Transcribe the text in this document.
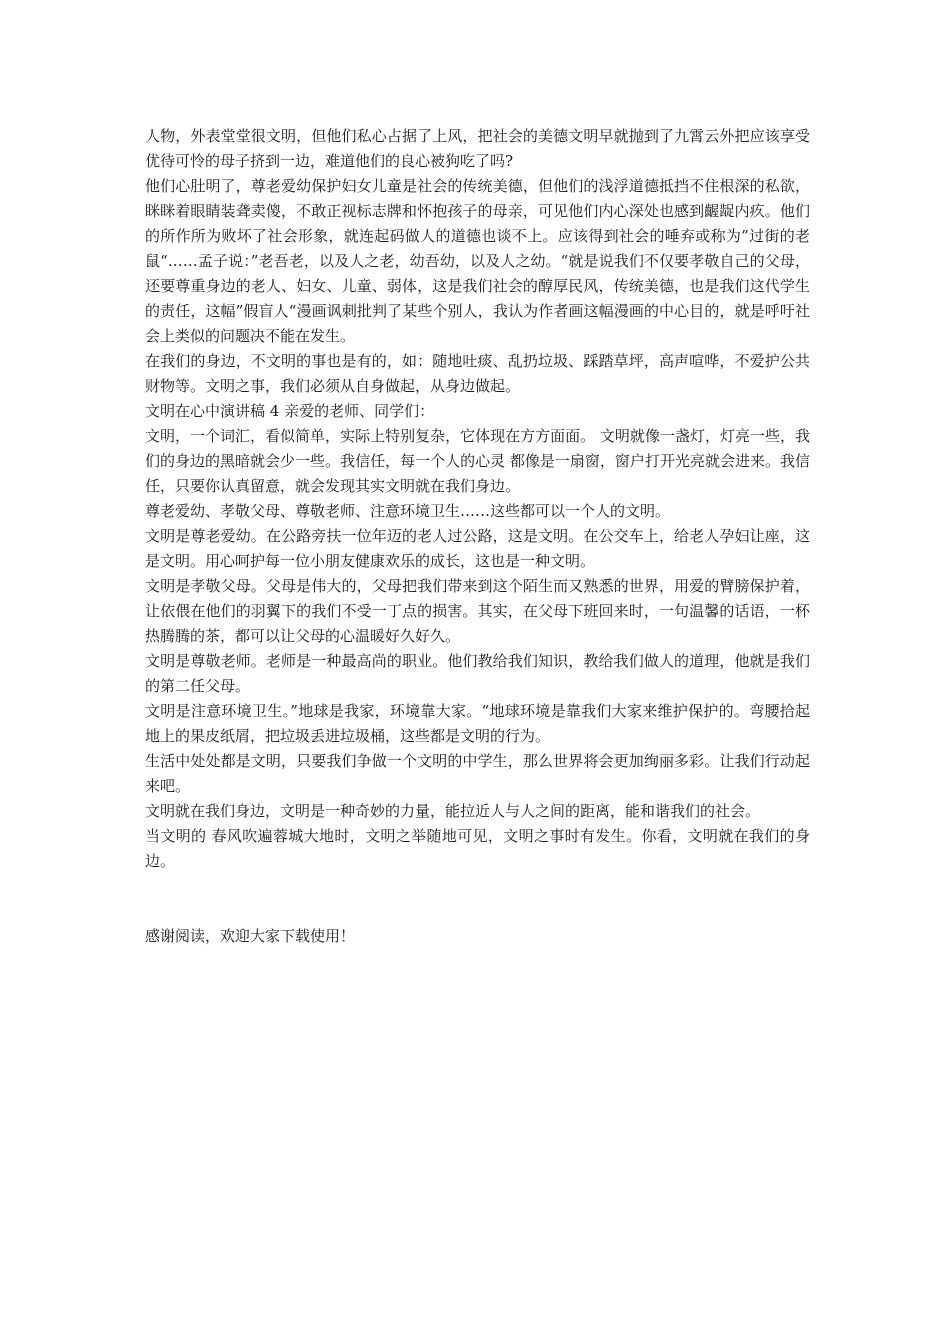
人物，外表堂堂很文明，但他们私心占据了上风，把社会的美德文明早就抛到了九霄云外把应该享受优待可怜的母子挤到一边，难道他们的良心被狗吃了吗?

他们心肚明了，尊老爱幼保护妇女儿童是社会的传统美德，但他们的浅浮道德抵挡不住根深的私欲，眯眯着眼睛装聋卖傻，不敢正视标志牌和怀抱孩子的母亲，可见他们内心深处也感到齷龊内疚。他们的所作所为败坏了社会形象，就连起码做人的道德也谈不上。应该得到社会的唾弃或称为”过街的老鼠“……孟子说：”老吾老，以及人之老，幼吾幼，以及人之幼。“就是说我们不仅要孝敬自己的父母，还要尊重身边的老人、妇女、儿童、弱体，这是我们社会的醇厚民风，传统美德，也是我们这代学生的责任，这幅”假盲人“漫画讽刺批判了某些个别人，我认为作者画这幅漫画的中心目的，就是呼吁社会上类似的问题决不能在发生。

在我们的身边，不文明的事也是有的，如：随地吐痰、乱扔垃圾、踩踏草坪，高声喧哗，不爱护公共财物等。文明之事，我们必须从自身做起，从身边做起。

文明在心中演讲稿 4 亲爱的老师、同学们：

文明，一个词汇，看似简单，实际上特别复杂，它体现在方方面面。 文明就像一盏灯，灯亮一些，我们的身边的黑暗就会少一些。我信任，每一个人的心灵 都像是一扇窗，窗户打开光亮就会进来。我信任，只要你认真留意，就会发现其实文明就在我们身边。

尊老爱幼、孝敬父母、尊敬老师、注意环境卫生……这些都可以一个人的文明。

文明是尊老爱幼。在公路旁扶一位年迈的老人过公路，这是文明。在公交车上，给老人孕妇让座，这是文明。用心呵护每一位小朋友健康欢乐的成长，这也是一种文明。

文明是孝敬父母。父母是伟大的，父母把我们带来到这个陌生而又熟悉的世界，用爱的臂膀保护着，让依偎在他们的羽翼下的我们不受一丁点的损害。其实，在父母下班回来时，一句温馨的话语，一杯热腾腾的茶，都可以让父母的心温暖好久好久。

文明是尊敬老师。老师是一种最高尚的职业。他们教给我们知识，教给我们做人的道理，他就是我们的第二任父母。

文明是注意环境卫生。”地球是我家，环境靠大家。“地球环境是靠我们大家来维护保护的。弯腰拾起地上的果皮纸屑，把垃圾丢进垃圾桶，这些都是文明的行为。

生活中处处都是文明，只要我们争做一个文明的中学生，那么世界将会更加绚丽多彩。让我们行动起来吧。

文明就在我们身边，文明是一种奇妙的力量，能拉近人与人之间的距离，能和谐我们的社会。

当文明的 春风吹遍蓉城大地时，文明之举随地可见，文明之事时有发生。你看，文明就在我们的身边。

感谢阅读，欢迎大家下载使用！
